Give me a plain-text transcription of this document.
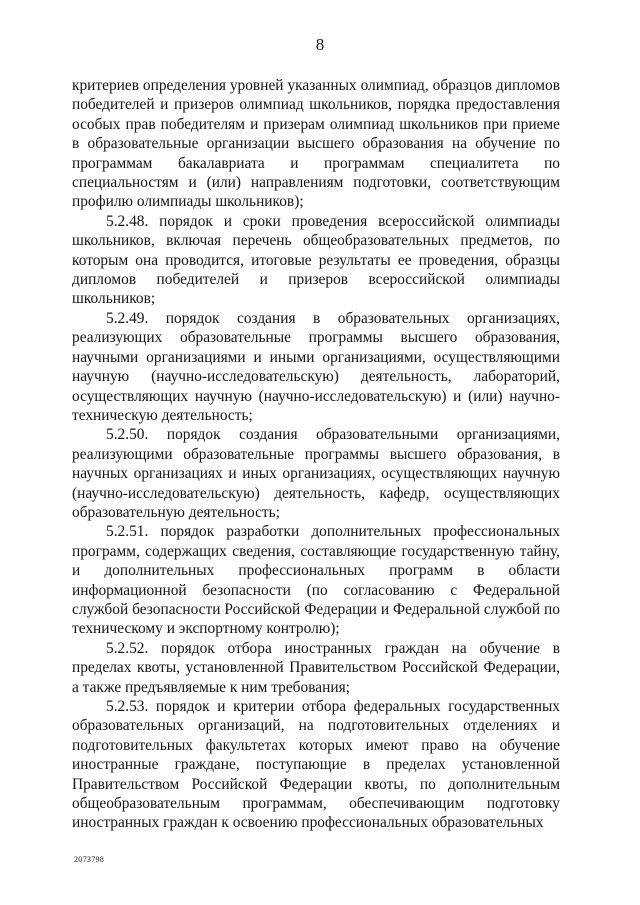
8

критериев определения уровней указанных олимпиад, образцов дипломов победителей и призеров олимпиад школьников, порядка предоставления особых прав победителям и призерам олимпиад школьников при приеме в образовательные организации высшего образования на обучение по программам бакалавриата и программам специалитета по специальностям и (или) направлениям подготовки, соответствующим профилю олимпиады школьников);

5.2.48. порядок и сроки проведения всероссийской олимпиады школьников, включая перечень общеобразовательных предметов, по которым она проводится, итоговые результаты ее проведения, образцы дипломов победителей и призеров всероссийской олимпиады школьников;

5.2.49. порядок создания в образовательных организациях, реализующих образовательные программы высшего образования, научными организациями и иными организациями, осуществляющими научную (научно-исследовательскую) деятельность, лабораторий, осуществляющих научную (научно-исследовательскую) и (или) научно-техническую деятельность;

5.2.50. порядок создания образовательными организациями, реализующими образовательные программы высшего образования, в научных организациях и иных организациях, осуществляющих научную (научно-исследовательскую) деятельность, кафедр, осуществляющих образовательную деятельность;

5.2.51. порядок разработки дополнительных профессиональных программ, содержащих сведения, составляющие государственную тайну, и дополнительных профессиональных программ в области информационной безопасности (по согласованию с Федеральной службой безопасности Российской Федерации и Федеральной службой по техническому и экспортному контролю);

5.2.52. порядок отбора иностранных граждан на обучение в пределах квоты, установленной Правительством Российской Федерации, а также предъявляемые к ним требования;

5.2.53. порядок и критерии отбора федеральных государственных образовательных организаций, на подготовительных отделениях и подготовительных факультетах которых имеют право на обучение иностранные граждане, поступающие в пределах установленной Правительством Российской Федерации квоты, по дополнительным общеобразовательным программам, обеспечивающим подготовку иностранных граждан к освоению профессиональных образовательных

2073798
